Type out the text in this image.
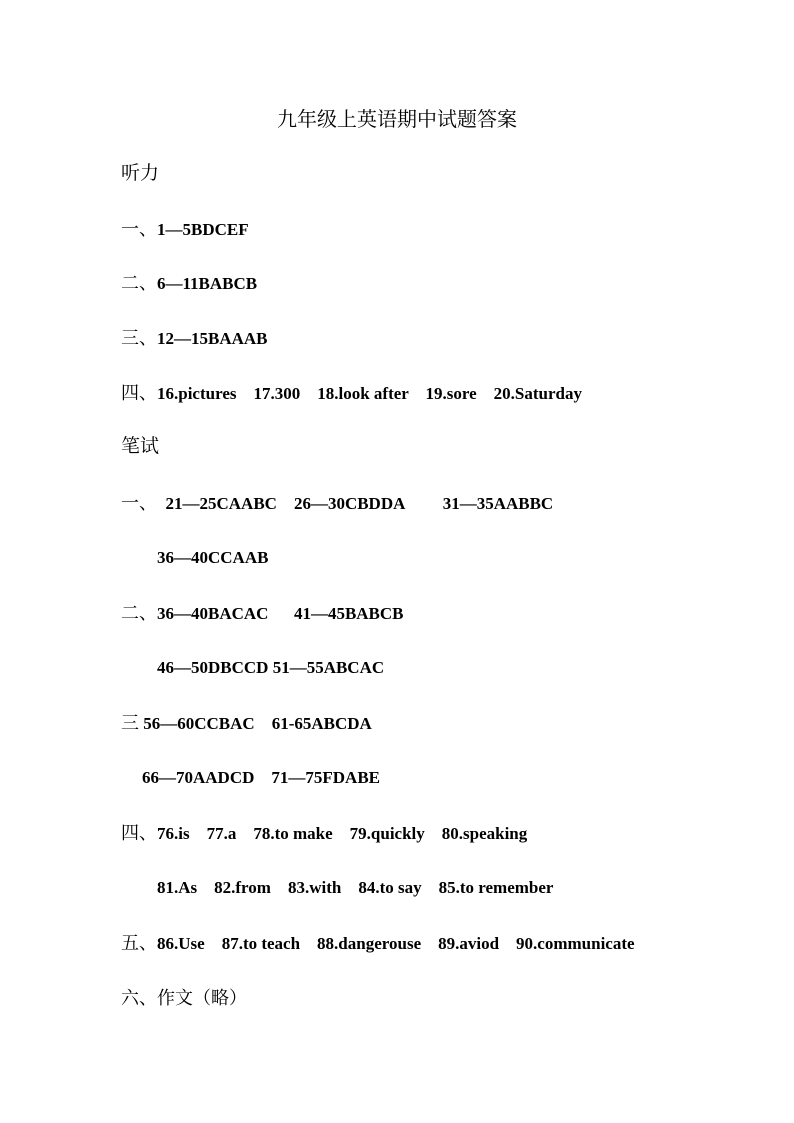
九年级上英语期中试题答案
听力
一、1—5BDCEF
二、6—11BABCB
三、12—15BAAAB
四、16.pictures    17.300    18.look after    19.sore    20.Saturday
笔试
一、  21—25CAABC    26—30CBDDA         31—35AABBC
36—40CCAAB
二、36—40BACAC      41—45BABCB
46—50DBCCD 51—55ABCAC
三 56—60CCBAC    61-65ABCDA
66—70AADCD    71—75FDABE
四、76.is    77.a    78.to make    79.quickly    80.speaking
81.As    82.from    83.with    84.to say    85.to remember
五、86.Use    87.to teach    88.dangerouse    89.aviod    90.communicate
六、作文（略）
